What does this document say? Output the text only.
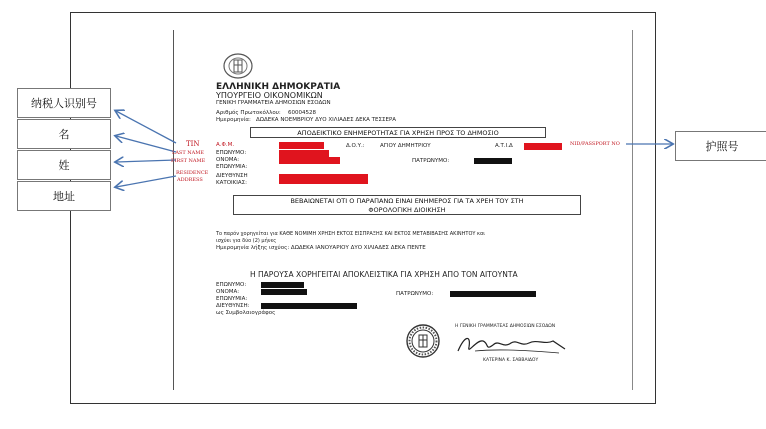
纳税人识别号
名
姓
地址
护照号
ΕΛΛΗΝΙΚΗ ΔΗΜΟΚΡΑΤΙΑ
ΥΠΟΥΡΓΕΙΟ ΟΙΚΟΝΟΜΙΚΩΝ
ΓΕΝΙΚΗ ΓΡΑΜΜΑΤΕΙΑ ΔΗΜΟΣΙΩΝ ΕΣΟΔΩΝ
Αριθμός Πρωτοκόλλου: 60004528
Ημερομηνία: ΔΩΔΕΚΑ ΝΟΕΜΒΡΙΟΥ ΔΥΟ ΧΙΛΙΑΔΕΣ ΔΕΚΑ ΤΕΣΣΕΡΑ
ΑΠΟΔΕΙΚΤΙΚΟ ΕΝΗΜΕΡΟΤΗΤΑΣ ΓΙΑ ΧΡΗΣΗ ΠΡΟΣ ΤΟ ΔΗΜΟΣΙΟ
TIN
LAST NAME
FIRST NAME
RESIDENCE
ADDRESS
NID/PASSPORT NO
Α.Φ.Μ.	Δ.Ο.Υ.:	ΑΓΙΟΥ ΔΗΜΗΤΡΙΟΥ	Α.Τ.Ι.Δ
ΕΠΩΝΥΜΟ:
ΟΝΟΜΑ:	ΠΑΤΡΩΝΥΜΟ:
ΕΠΩΝΥΜΙΑ:
ΔΙΕΥΘΥΝΣΗ
ΚΑΤΟΙΚΙΑΣ:
ΒΕΒΑΙΩΝΕΤΑΙ ΟΤΙ Ο ΠΑΡΑΠΑΝΩ ΕΙΝΑΙ ΕΝΗΜΕΡΟΣ ΓΙΑ ΤΑ ΧΡΕΗ ΤΟΥ ΣΤΗ
ΦΟΡΟΛΟΓΙΚΗ ΔΙΟΙΚΗΣΗ
Το παρόν χορηγείται για ΚΑΘΕ ΝΟΜΙΜΗ ΧΡΗΣΗ ΕΚΤΟΣ ΕΙΣΠΡΑΞΗΣ ΚΑΙ ΕΚΤΟΣ ΜΕΤΑΒΙΒΑΣΗΣ ΑΚΙΝΗΤΟΥ και
ισχύει για δύο (2) μήνες
Ημερομηνία λήξης ισχύος: ΔΩΔΕΚΑ ΙΑΝΟΥΑΡΙΟΥ ΔΥΟ ΧΙΛΙΑΔΕΣ ΔΕΚΑ ΠΕΝΤΕ
Η ΠΑΡΟΥΣΑ ΧΟΡΗΓΕΙΤΑΙ ΑΠΟΚΛΕΙΣΤΙΚΑ ΓΙΑ ΧΡΗΣΗ ΑΠΟ ΤΟΝ ΑΙΤΟΥΝΤΑ
ΕΠΩΝΥΜΟ:
ΟΝΟΜΑ:	ΠΑΤΡΩΝΥΜΟ:
ΕΠΩΝΥΜΙΑ:
ΔΙΕΥΘΥΝΣΗ:
ως Συμβολαιογράφος
Η ΓΕΝΙΚΗ ΓΡΑΜΜΑΤΕΑΣ ΔΗΜΟΣΙΩΝ ΕΣΟΔΩΝ
ΚΑΤΕΡΙΝΑ Κ. ΣΑΒΒΑΙΔΟΥ
